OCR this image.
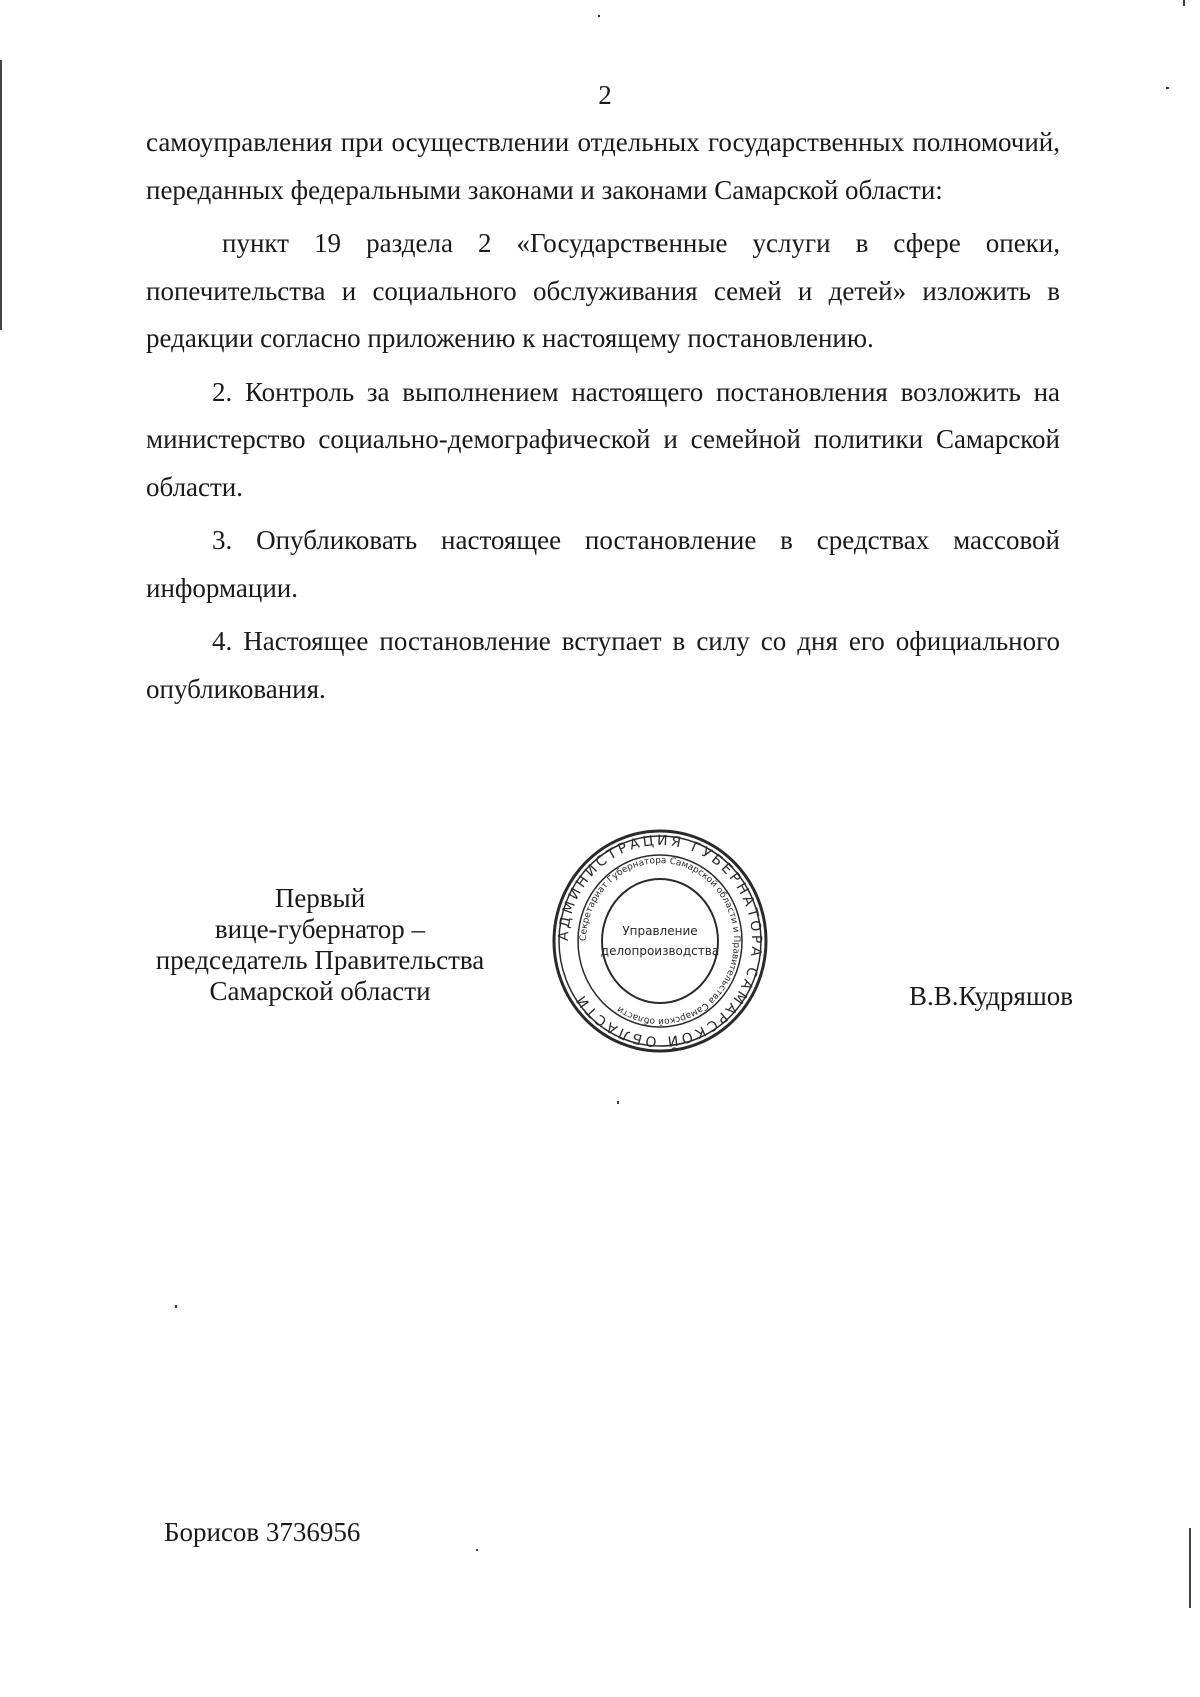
2

самоуправления при осуществлении отдельных государственных полномочий, переданных федеральными законами и законами Самарской области:

пункт 19 раздела 2 «Государственные услуги в сфере опеки, попечительства и социального обслуживания семей и детей» изложить в редакции согласно приложению к настоящему постановлению.

2. Контроль за выполнением настоящего постановления возложить на министерство социально-демографической и семейной политики Самарской области.

3. Опубликовать настоящее постановление в средствах массовой информации.

4. Настоящее постановление вступает в силу со дня его официального опубликования.

Первый
вице-губернатор –
председатель Правительства
Самарской области
АДМИНИСТРАЦИЯ ГУБЕРНАТОРА САМАРСКОЙ ОБЛАСТИ
Секретариат Губернатора Самарской области и Правительства Самарской области
Управление
делопроизводства
В.В.Кудряшов
Борисов 3736956
